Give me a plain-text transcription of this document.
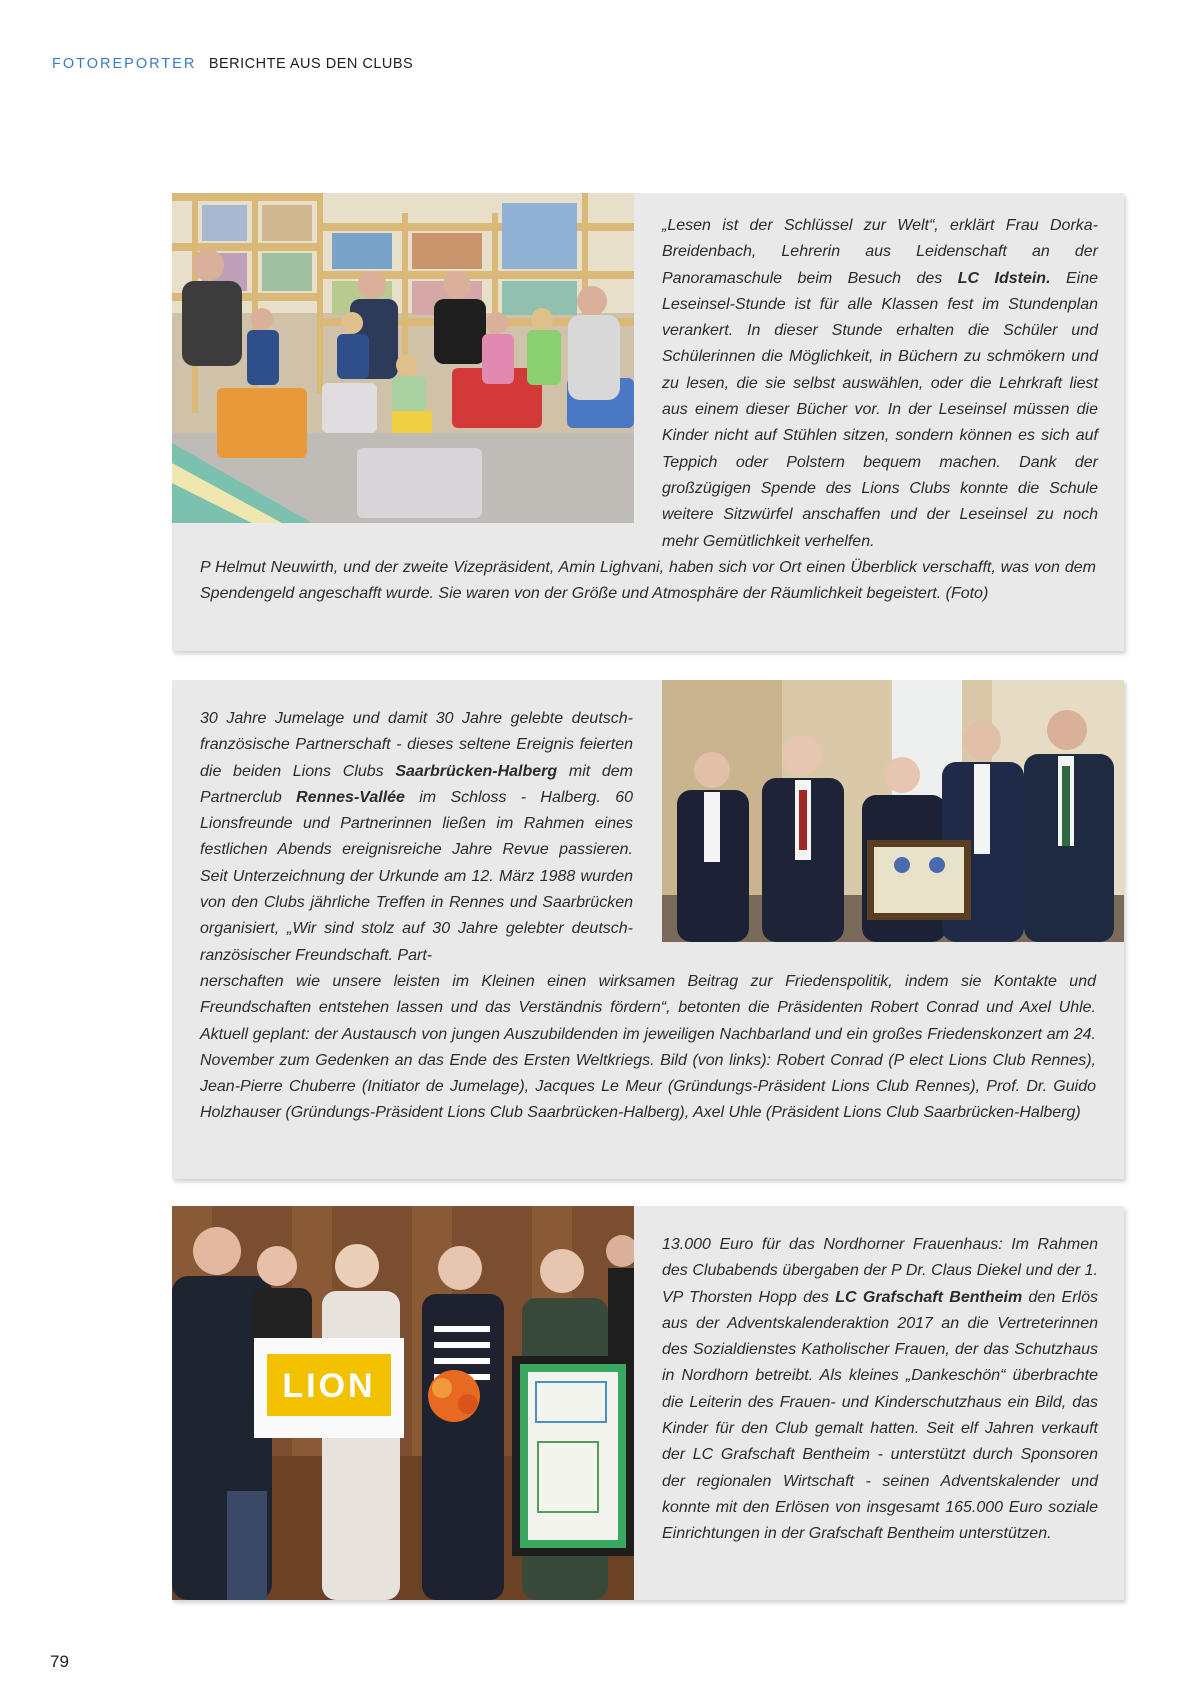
FOTOREPORTER BERICHTE AUS DEN CLUBS

„Lesen ist der Schlüssel zur Welt“, erklärt Frau Dorka-Breidenbach, Lehrerin aus Leidenschaft an der Panoramaschule beim Besuch des LC Idstein. Eine Leseinsel-Stunde ist für alle Klassen fest im Stundenplan verankert. In dieser Stunde erhalten die Schüler und Schülerinnen die Möglichkeit, in Büchern zu schmökern und zu lesen, die sie selbst auswählen, oder die Lehrkraft liest aus einem dieser Bücher vor. In der Leseinsel müssen die Kinder nicht auf Stühlen sitzen, sondern können es sich auf Teppich oder Polstern bequem machen. Dank der großzügigen Spende des Lions Clubs konnte die Schule weitere Sitzwürfel anschaffen und der Leseinsel zu noch mehr Gemütlichkeit verhelfen.

P Helmut Neuwirth, und der zweite Vizepräsident, Amin Lighvani, haben sich vor Ort einen Überblick verschafft, was von dem Spendengeld angeschafft wurde. Sie waren von der Größe und Atmosphäre der Räumlichkeit begeistert. (Foto)

30 Jahre Jumelage und damit 30 Jahre gelebte deutsch-französische Partnerschaft - dieses seltene Ereignis feierten die beiden Lions Clubs Saarbrücken-Halberg mit dem Partnerclub Rennes-Vallée im Schloss - Halberg. 60 Lionsfreunde und Partnerinnen ließen im Rahmen eines festlichen Abends ereignisreiche Jahre Revue passieren. Seit Unterzeichnung der Urkunde am 12. März 1988 wurden von den Clubs jährliche Treffen in Rennes und Saarbrücken organisiert, „Wir sind stolz auf 30 Jahre gelebter deutsch-ranzösischer Freundschaft. Part-

nerschaften wie unsere leisten im Kleinen einen wirksamen Beitrag zur Friedenspolitik, indem sie Kontakte und Freundschaften entstehen lassen und das Verständnis fördern“, betonten die Präsidenten Robert Conrad und Axel Uhle. Aktuell geplant: der Austausch von jungen Auszubildenden im jeweiligen Nachbarland und ein großes Friedenskonzert am 24. November zum Gedenken an das Ende des Ersten Weltkriegs. Bild (von links): Robert Conrad (P elect Lions Club Rennes), Jean-Pierre Chuberre (Initiator de Jumelage), Jacques Le Meur (Gründungs-Präsident Lions Club Rennes), Prof. Dr. Guido Holzhauser (Gründungs-Präsident Lions Club Saarbrücken-Halberg), Axel Uhle (Präsident Lions Club Saarbrücken-Halberg)

LION

13.000 Euro für das Nordhorner Frauenhaus: Im Rahmen des Clubabends übergaben der P Dr. Claus Diekel und der 1. VP Thorsten Hopp des LC Grafschaft Bentheim den Erlös aus der Adventskalenderaktion 2017 an die Vertreterinnen des Sozialdienstes Katholischer Frauen, der das Schutzhaus in Nordhorn betreibt. Als kleines „Dankeschön“ überbrachte die Leiterin des Frauen- und Kinderschutzhaus ein Bild, das Kinder für den Club gemalt hatten. Seit elf Jahren verkauft der LC Grafschaft Bentheim - unterstützt durch Sponsoren der regionalen Wirtschaft - seinen Adventskalender und konnte mit den Erlösen von insgesamt 165.000 Euro soziale Einrichtungen in der Grafschaft Bentheim unterstützen.

79
